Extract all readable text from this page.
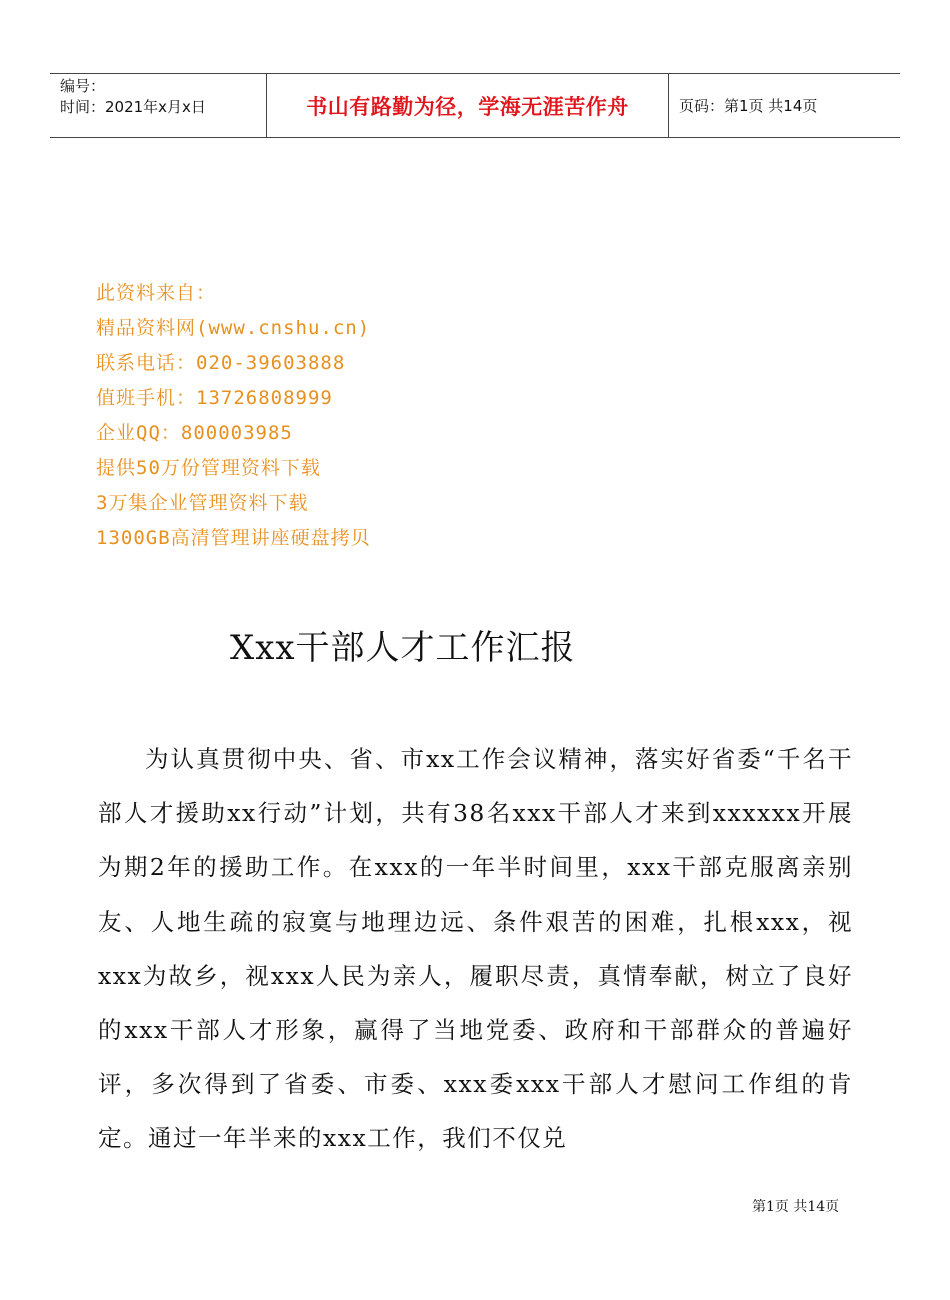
编号：
时间：2021年x月x日	书山有路勤为径，学海无涯苦作舟	页码：第1页 共14页
此资料来自：
精品资料网(www.cnshu.cn)
联系电话：020-39603888
值班手机：13726808999
企业QQ：800003985
提供50万份管理资料下载
3万集企业管理资料下载
1300GB高清管理讲座硬盘拷贝
Xxx干部人才工作汇报
为认真贯彻中央、省、市xx工作会议精神，落实好省委“千名干部人才援助xx行动”计划，共有38名xxx干部人才来到xxxxxx开展为期2年的援助工作。在xxx的一年半时间里，xxx干部克服离亲别友、人地生疏的寂寞与地理边远、条件艰苦的困难，扎根xxx，视xxx为故乡，视xxx人民为亲人，履职尽责，真情奉献，树立了良好的xxx干部人才形象，赢得了当地党委、政府和干部群众的普遍好评，多次得到了省委、市委、xxx委xxx干部人才慰问工作组的肯定。通过一年半来的xxx工作，我们不仅兑
第1页 共14页
